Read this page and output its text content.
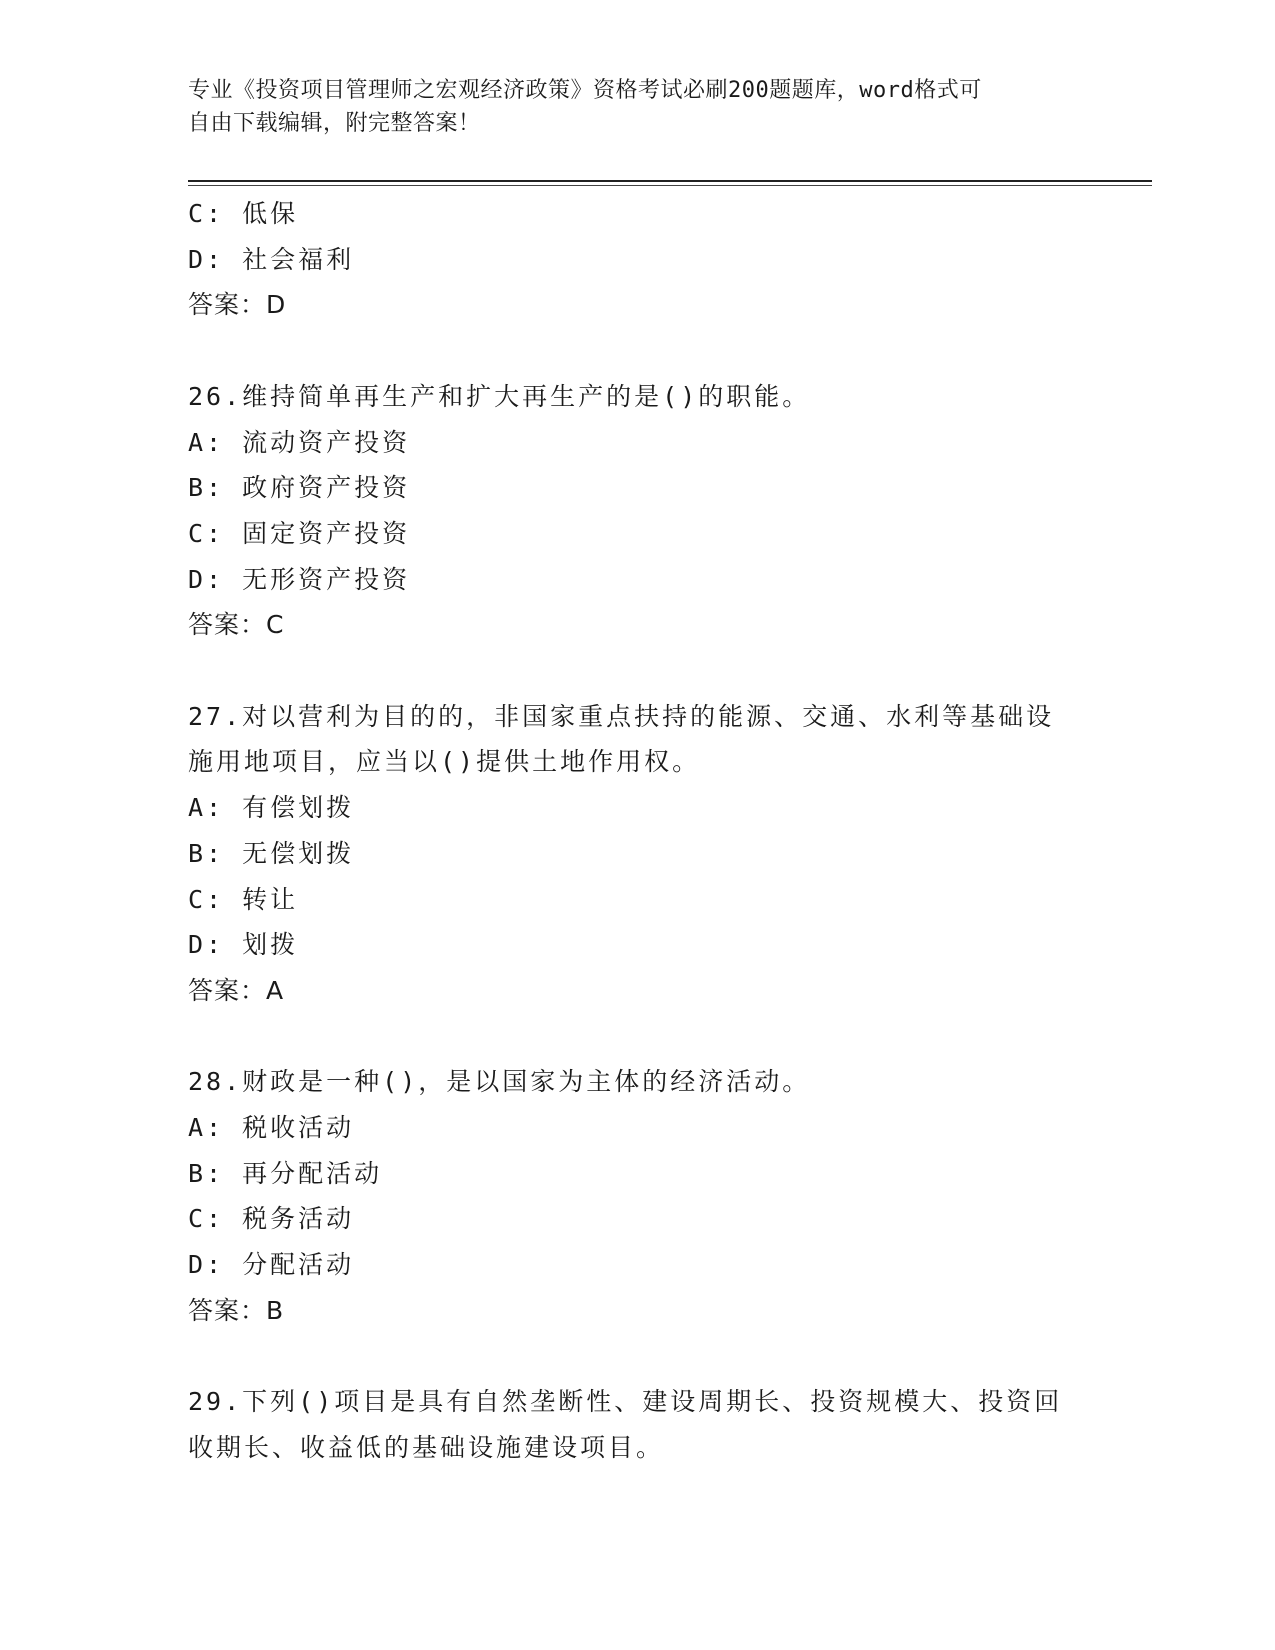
专业《投资项目管理师之宏观经济政策》资格考试必刷200题题库，word格式可
自由下载编辑，附完整答案！
C: 低保
D: 社会福利
答案：D
26.维持简单再生产和扩大再生产的是()的职能。
A: 流动资产投资
B: 政府资产投资
C: 固定资产投资
D: 无形资产投资
答案：C
27.对以营利为目的的，非国家重点扶持的能源、交通、水利等基础设
施用地项目，应当以()提供土地作用权。
A: 有偿划拨
B: 无偿划拨
C: 转让
D: 划拨
答案：A
28.财政是一种()，是以国家为主体的经济活动。
A: 税收活动
B: 再分配活动
C: 税务活动
D: 分配活动
答案：B
29.下列()项目是具有自然垄断性、建设周期长、投资规模大、投资回
收期长、收益低的基础设施建设项目。
